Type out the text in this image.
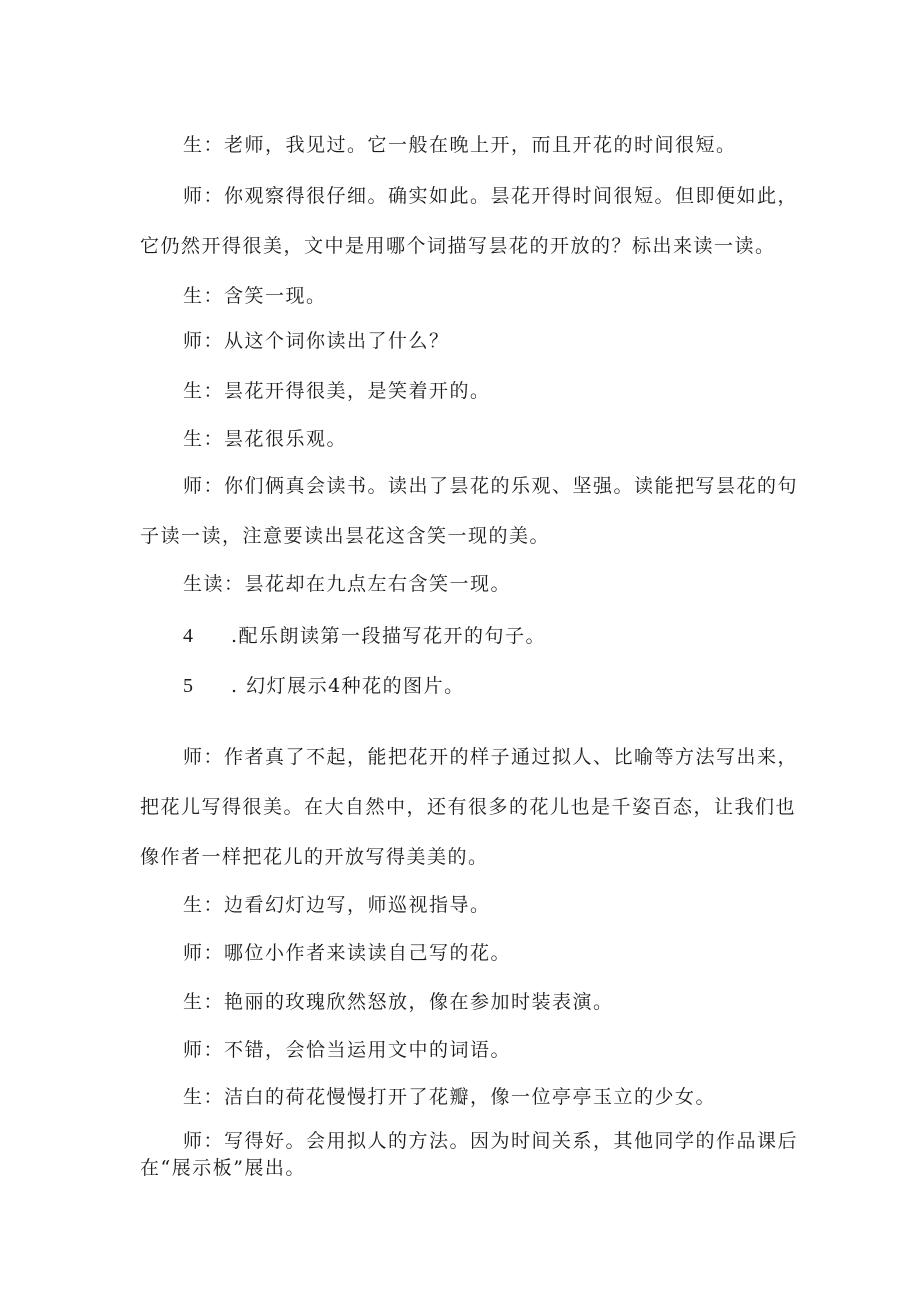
生：老师，我见过。它一般在晚上开，而且开花的时间很短。
师：你观察得很仔细。确实如此。昙花开得时间很短。但即便如此，
它仍然开得很美，文中是用哪个词描写昙花的开放的？标出来读一读。
生：含笑一现。
师：从这个词你读出了什么？
生：昙花开得很美，是笑着开的。
生：昙花很乐观。
师：你们俩真会读书。读出了昙花的乐观、坚强。读能把写昙花的句
子读一读，注意要读出昙花这含笑一现的美。
生读：昙花却在九点左右含笑一现。
4 .配乐朗读第一段描写花开的句子。
5 . 幻灯展示4种花的图片。
师：作者真了不起，能把花开的样子通过拟人、比喻等方法写出来，
把花儿写得很美。在大自然中，还有很多的花儿也是千姿百态，让我们也
像作者一样把花儿的开放写得美美的。
生：边看幻灯边写，师巡视指导。
师：哪位小作者来读读自己写的花。
生：艳丽的玫瑰欣然怒放，像在参加时装表演。
师：不错，会恰当运用文中的词语。
生：洁白的荷花慢慢打开了花瓣，像一位亭亭玉立的少女。
师：写得好。会用拟人的方法。因为时间关系，其他同学的作品课后
在“展示板”展出。
